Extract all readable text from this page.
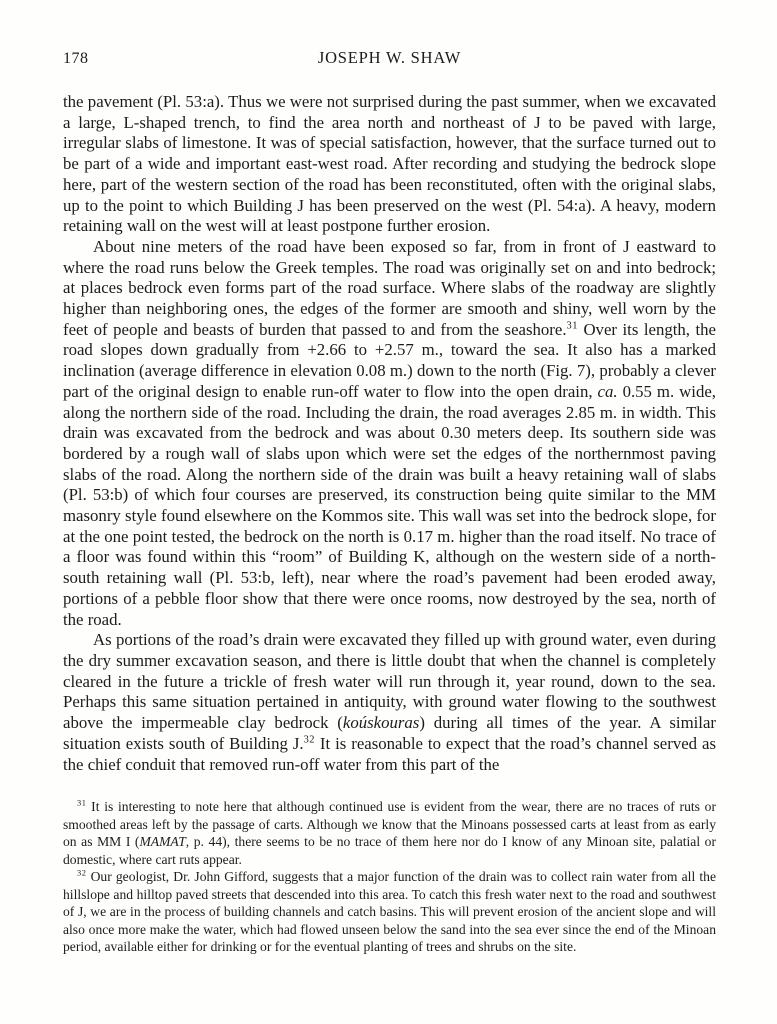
178	JOSEPH W. SHAW

the pavement (Pl. 53:a). Thus we were not surprised during the past summer, when we excavated a large, L-shaped trench, to find the area north and northeast of J to be paved with large, irregular slabs of limestone. It was of special satisfaction, however, that the surface turned out to be part of a wide and important east-west road. After recording and studying the bedrock slope here, part of the western section of the road has been reconstituted, often with the original slabs, up to the point to which Building J has been preserved on the west (Pl. 54:a). A heavy, modern retaining wall on the west will at least postpone further erosion.

About nine meters of the road have been exposed so far, from in front of J eastward to where the road runs below the Greek temples. The road was originally set on and into bedrock; at places bedrock even forms part of the road surface. Where slabs of the roadway are slightly higher than neighboring ones, the edges of the former are smooth and shiny, well worn by the feet of people and beasts of burden that passed to and from the seashore.$^{31}$ Over its length, the road slopes down gradually from +2.66 to +2.57 m., toward the sea. It also has a marked inclination (average difference in elevation 0.08 m.) down to the north (Fig. 7), probably a clever part of the original design to enable run-off water to flow into the open drain, ca. 0.55 m. wide, along the northern side of the road. Including the drain, the road averages 2.85 m. in width. This drain was excavated from the bedrock and was about 0.30 meters deep. Its southern side was bordered by a rough wall of slabs upon which were set the edges of the northernmost paving slabs of the road. Along the northern side of the drain was built a heavy retaining wall of slabs (Pl. 53:b) of which four courses are preserved, its construction being quite similar to the MM masonry style found elsewhere on the Kommos site. This wall was set into the bedrock slope, for at the one point tested, the bedrock on the north is 0.17 m. higher than the road itself. No trace of a floor was found within this “room” of Building K, although on the western side of a north-south retaining wall (Pl. 53:b, left), near where the road’s pavement had been eroded away, portions of a pebble floor show that there were once rooms, now destroyed by the sea, north of the road.

As portions of the road’s drain were excavated they filled up with ground water, even during the dry summer excavation season, and there is little doubt that when the channel is completely cleared in the future a trickle of fresh water will run through it, year round, down to the sea. Perhaps this same situation pertained in antiquity, with ground water flowing to the southwest above the impermeable clay bedrock (koúskouras) during all times of the year. A similar situation exists south of Building J.$^{32}$ It is reasonable to expect that the road’s channel served as the chief conduit that removed run-off water from this part of the

$^{31}$ It is interesting to note here that although continued use is evident from the wear, there are no traces of ruts or smoothed areas left by the passage of carts. Although we know that the Minoans possessed carts at least from as early on as MM I (MAMAT, p. 44), there seems to be no trace of them here nor do I know of any Minoan site, palatial or domestic, where cart ruts appear.

$^{32}$ Our geologist, Dr. John Gifford, suggests that a major function of the drain was to collect rain water from all the hillslope and hilltop paved streets that descended into this area. To catch this fresh water next to the road and southwest of J, we are in the process of building channels and catch basins. This will prevent erosion of the ancient slope and will also once more make the water, which had flowed unseen below the sand into the sea ever since the end of the Minoan period, available either for drinking or for the eventual planting of trees and shrubs on the site.
